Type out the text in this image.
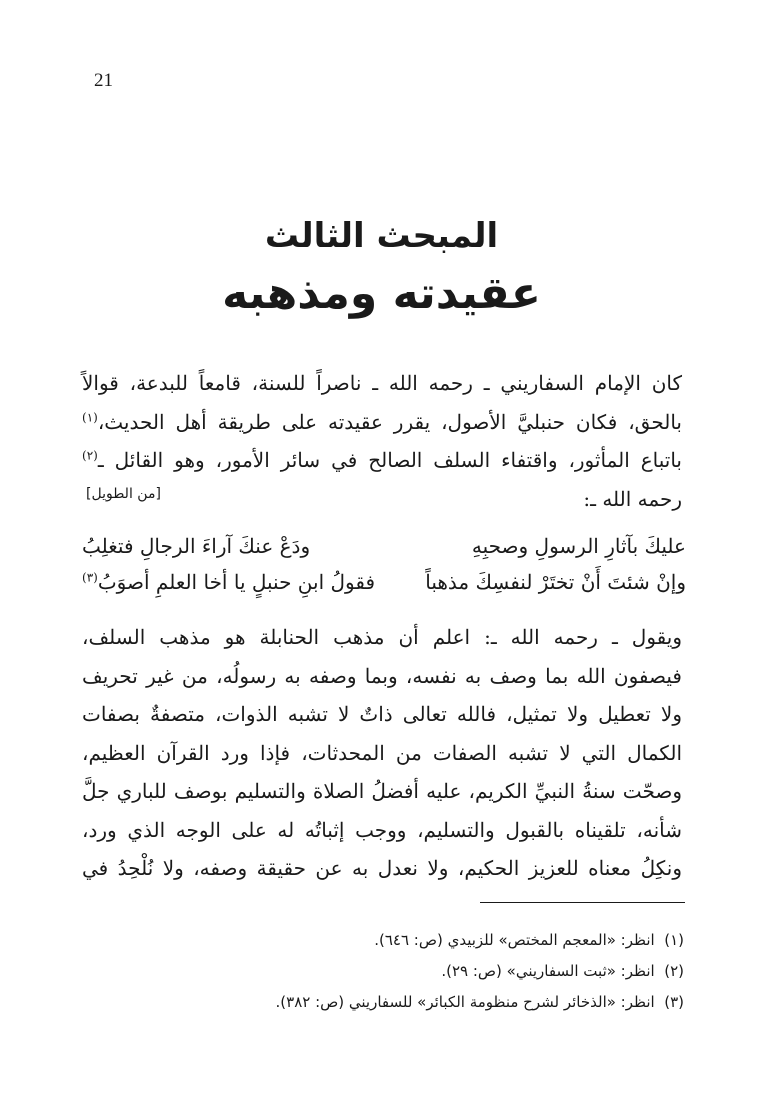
21
المبحث الثالث
عقيدته ومذهبه
كان الإمام السفاريني ـ رحمه الله ـ ناصراً للسنة، قامعاً للبدعة، قوالاً
بالحق، فكان حنبليَّ الأصول، يقرر عقيدته على طريقة أهل الحديث،$^{(١)}$
باتباع المأثور، واقتفاء السلف الصالح في سائر الأمور، وهو القائل ـ$^{(٢)}$
رحمه الله ـ:
[من الطويل]
عليكَ بآثارِ الرسولِ وصحبِهِ
ودَعْ عنكَ آراءَ الرجالِ فتغلِبُ
وإنْ شئتَ أَنْ تختَرْ لنفسِكَ مذهباً
فقولُ ابنِ حنبلٍ يا أخا العلمِ أصوَبُ$^{(٣)}$
ويقول ـ رحمه الله ـ: اعلم أن مذهب الحنابلة هو مذهب السلف،
فيصفون الله بما وصف به نفسه، وبما وصفه به رسولُه، من غير تحريف
ولا تعطيل ولا تمثيل، فالله تعالى ذاتٌ لا تشبه الذوات، متصفةٌ بصفات
الكمال التي لا تشبه الصفات من المحدثات، فإذا ورد القرآن العظيم،
وصحّت سنةُ النبيِّ الكريم، عليه أفضلُ الصلاة والتسليم بوصف للباري جلَّ
شأنه، تلقيناه بالقبول والتسليم، ووجب إثباتُه له على الوجه الذي ورد،
ونكِلُ معناه للعزيز الحكيم، ولا نعدل به عن حقيقة وصفه، ولا نُلْحِدُ في
(١)  انظر: «المعجم المختص» للزبيدي (ص: ٦٤٦).
(٢)  انظر: «ثبت السفاريني» (ص: ٢٩).
(٣)  انظر: «الذخائر لشرح منظومة الكبائر» للسفاريني (ص: ٣٨٢).
